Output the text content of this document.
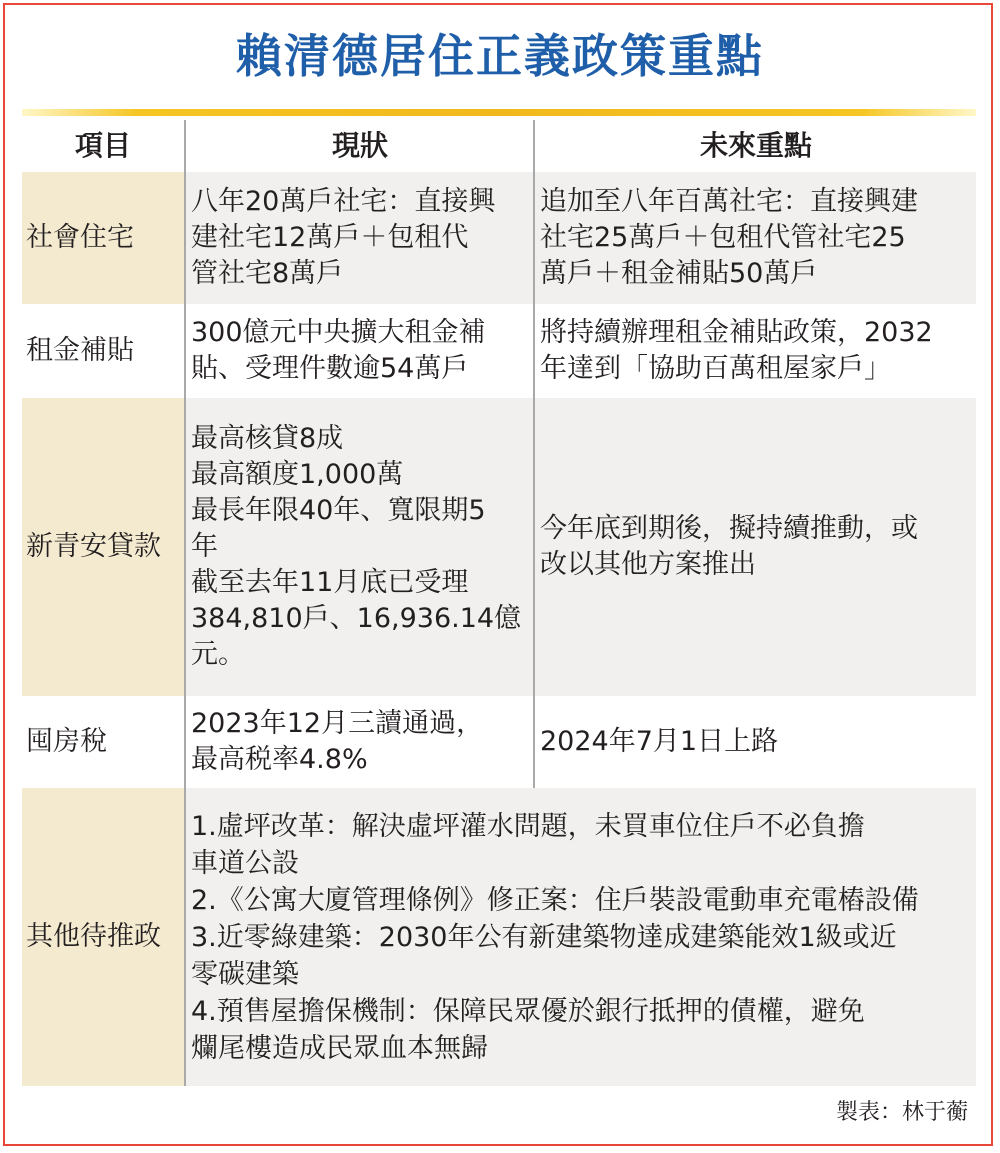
賴清德居住正義政策重點
項目	現狀	未來重點
社會住宅
八年20萬戶社宅：直接興
建社宅12萬戶＋包租代
管社宅8萬戶
追加至八年百萬社宅：直接興建
社宅25萬戶＋包租代管社宅25
萬戶＋租金補貼50萬戶
租金補貼
300億元中央擴大租金補
貼、受理件數逾54萬戶
將持續辦理租金補貼政策，2032
年達到「協助百萬租屋家戶」
新青安貸款
最高核貸8成
最高額度1,000萬
最長年限40年、寬限期5
年
截至去年11月底已受理
384,810戶、16,936.14億
元。
今年底到期後，擬持續推動，或
改以其他方案推出
囤房稅
2023年12月三讀通過，
最高税率4.8%
2024年7月1日上路
其他待推政
1.虛坪改革：解決虛坪灌水問題，未買車位住戶不必負擔
車道公設
2.《公寓大廈管理條例》修正案：住戶裝設電動車充電樁設備
3.近零綠建築：2030年公有新建築物達成建築能效1級或近
零碳建築
4.預售屋擔保機制：保障民眾優於銀行抵押的債權，避免
爛尾樓造成民眾血本無歸
製表：林于蘅
